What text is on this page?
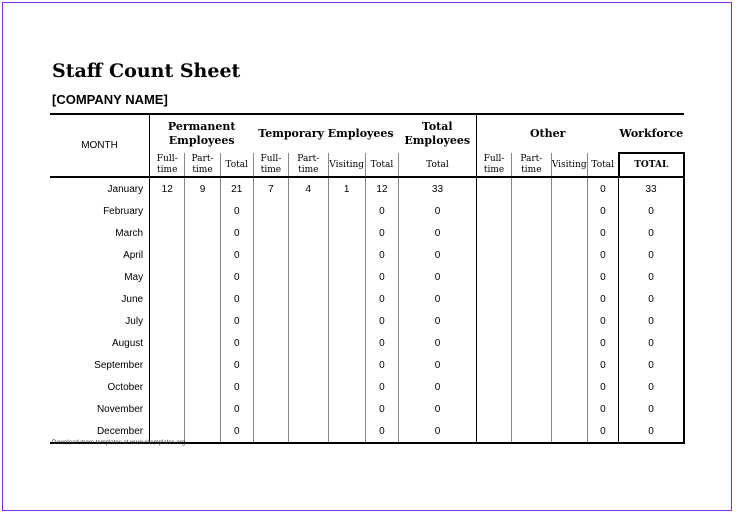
Staff Count Sheet
[COMPANY NAME]
MONTH	Permanent Employees			Temporary Employees				Total Employees	Other				Workforce
	Full-time	Part-time	Total	Full-time	Part-time	Visiting	Total	Total	Full-time	Part-time	Visiting	Total	TOTAL
January	12	9	21	7	4	1	12	33				0	33
February			0				0	0				0	0
March			0				0	0				0	0
April			0				0	0				0	0
May			0				0	0				0	0
June			0				0	0				0	0
July			0				0	0				0	0
August			0				0	0				0	0
September			0				0	0				0	0
October			0				0	0				0	0
November			0				0	0				0	0
December			0				0	0				0	0
Download more templates at www.xltemplates.org
